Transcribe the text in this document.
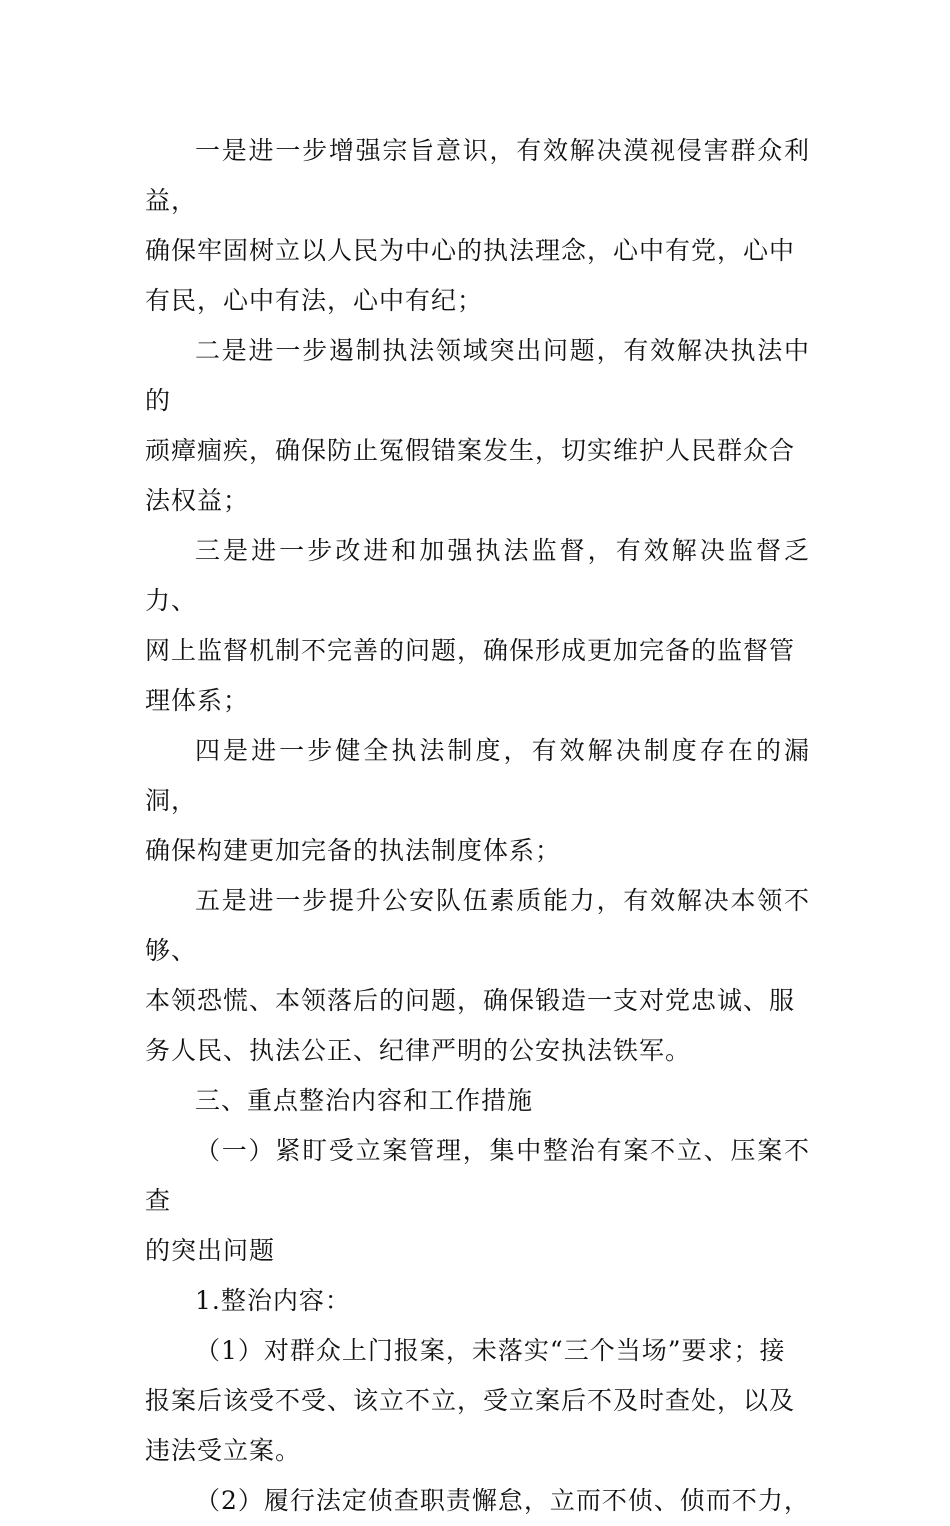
一是进一步增强宗旨意识，有效解决漠视侵害群众利益，
确保牢固树立以人民为中心的执法理念，心中有党，心中
有民，心中有法，心中有纪；

二是进一步遏制执法领域突出问题，有效解决执法中的
顽瘴痼疾，确保防止冤假错案发生，切实维护人民群众合
法权益；

三是进一步改进和加强执法监督，有效解决监督乏力、
网上监督机制不完善的问题，确保形成更加完备的监督管
理体系；

四是进一步健全执法制度，有效解决制度存在的漏洞，
确保构建更加完备的执法制度体系；

五是进一步提升公安队伍素质能力，有效解决本领不够、
本领恐慌、本领落后的问题，确保锻造一支对党忠诚、服
务人民、执法公正、纪律严明的公安执法铁军。

三、重点整治内容和工作措施

（一）紧盯受立案管理，集中整治有案不立、压案不查
的突出问题

1.整治内容：

（1）对群众上门报案，未落实“三个当场”要求；接
报案后该受不受、该立不立，受立案后不及时查处，以及
违法受立案。

（2）履行法定侦查职责懈怠，立而不侦、侦而不力，
